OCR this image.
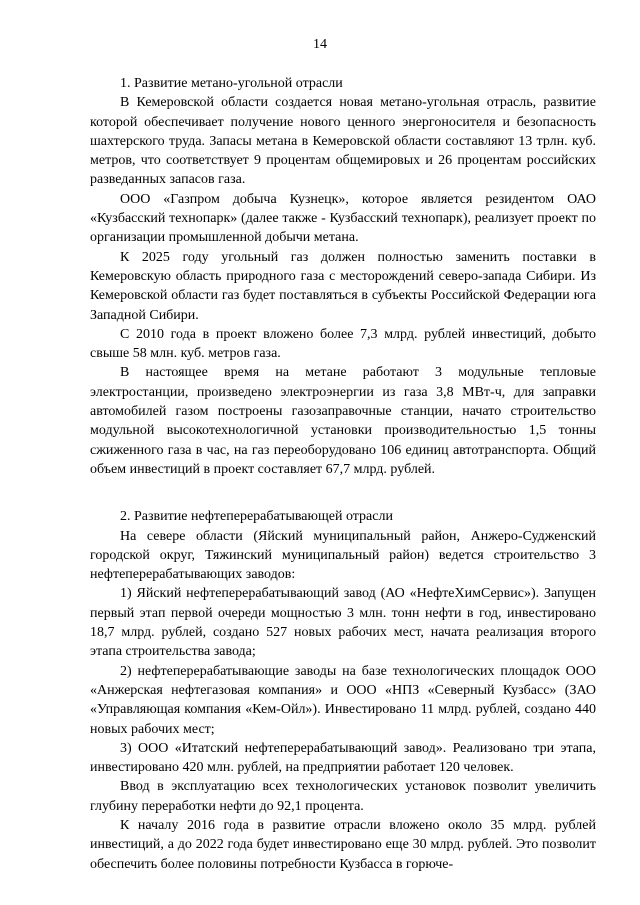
14
1. Развитие метано-угольной отрасли

В Кемеровской области создается новая метано-угольная отрасль, развитие которой обеспечивает получение нового ценного энергоносителя и безопасность шахтерского труда. Запасы метана в Кемеровской области составляют 13 трлн. куб. метров, что соответствует 9 процентам общемировых и 26 процентам российских разведанных запасов газа.

ООО «Газпром добыча Кузнецк», которое является резидентом ОАО «Кузбасский технопарк» (далее также - Кузбасский технопарк), реализует проект по организации промышленной добычи метана.

К 2025 году угольный газ должен полностью заменить поставки в Кемеровскую область природного газа с месторождений северо-запада Сибири. Из Кемеровской области газ будет поставляться в субъекты Российской Федерации юга Западной Сибири.

С 2010 года в проект вложено более 7,3 млрд. рублей инвестиций, добыто свыше 58 млн. куб. метров газа.

В настоящее время на метане работают 3 модульные тепловые электростанции, произведено электроэнергии из газа 3,8 МВт-ч, для заправки автомобилей газом построены газозаправочные станции, начато строительство модульной высокотехнологичной установки производительностью 1,5 тонны сжиженного газа в час, на газ переоборудовано 106 единиц автотранспорта. Общий объем инвестиций в проект составляет 67,7 млрд. рублей.

2. Развитие нефтеперерабатывающей отрасли

На севере области (Яйский муниципальный район, Анжеро-Судженский городской округ, Тяжинский муниципальный район) ведется строительство 3 нефтеперерабатывающих заводов:

1) Яйский нефтеперерабатывающий завод (АО «НефтеХимСервис»). Запущен первый этап первой очереди мощностью 3 млн. тонн нефти в год, инвестировано 18,7 млрд. рублей, создано 527 новых рабочих мест, начата реализация второго этапа строительства завода;

2) нефтеперерабатывающие заводы на базе технологических площадок ООО «Анжерская нефтегазовая компания» и ООО «НПЗ «Северный Кузбасс» (ЗАО «Управляющая компания «Кем-Ойл»). Инвестировано 11 млрд. рублей, создано 440 новых рабочих мест;

3) ООО «Итатский нефтеперерабатывающий завод». Реализовано три этапа, инвестировано 420 млн. рублей, на предприятии работает 120 человек.

Ввод в эксплуатацию всех технологических установок позволит увеличить глубину переработки нефти до 92,1 процента.

К началу 2016 года в развитие отрасли вложено около 35 млрд. рублей инвестиций, а до 2022 года будет инвестировано еще 30 млрд. рублей. Это позволит обеспечить более половины потребности Кузбасса в горюче-
